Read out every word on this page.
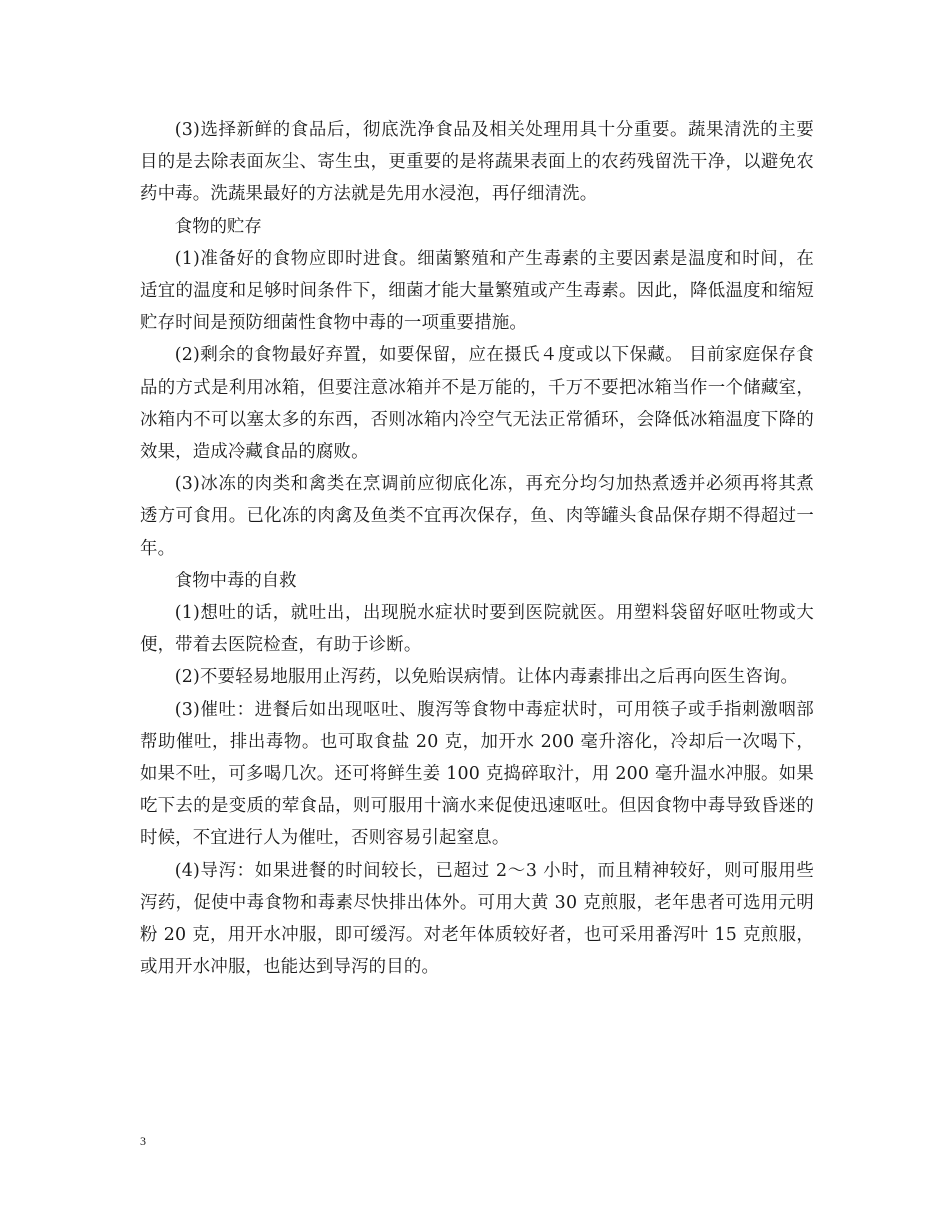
(3)选择新鲜的食品后，彻底洗净食品及相关处理用具十分重要。蔬果清洗的主要目的是去除表面灰尘、寄生虫，更重要的是将蔬果表面上的农药残留洗干净，以避免农药中毒。洗蔬果最好的方法就是先用水浸泡，再仔细清洗。

食物的贮存

(1)准备好的食物应即时进食。细菌繁殖和产生毒素的主要因素是温度和时间，在适宜的温度和足够时间条件下，细菌才能大量繁殖或产生毒素。因此，降低温度和缩短贮存时间是预防细菌性食物中毒的一项重要措施。

(2)剩余的食物最好弃置，如要保留，应在摄氏４度或以下保藏。 目前家庭保存食品的方式是利用冰箱，但要注意冰箱并不是万能的，千万不要把冰箱当作一个储藏室，冰箱内不可以塞太多的东西，否则冰箱内冷空气无法正常循环，会降低冰箱温度下降的效果，造成冷藏食品的腐败。

(3)冰冻的肉类和禽类在烹调前应彻底化冻，再充分均匀加热煮透并必须再将其煮透方可食用。已化冻的肉禽及鱼类不宜再次保存，鱼、肉等罐头食品保存期不得超过一年。

食物中毒的自救

(1)想吐的话，就吐出，出现脱水症状时要到医院就医。用塑料袋留好呕吐物或大便，带着去医院检查，有助于诊断。

(2)不要轻易地服用止泻药，以免贻误病情。让体内毒素排出之后再向医生咨询。

(3)催吐：进餐后如出现呕吐、腹泻等食物中毒症状时，可用筷子或手指刺激咽部帮助催吐，排出毒物。也可取食盐 20 克，加开水 200 毫升溶化，冷却后一次喝下，如果不吐，可多喝几次。还可将鲜生姜 100 克捣碎取汁，用 200 毫升温水冲服。如果吃下去的是变质的荤食品，则可服用十滴水来促使迅速呕吐。但因食物中毒导致昏迷的时候，不宜进行人为催吐，否则容易引起窒息。

(4)导泻：如果进餐的时间较长，已超过 2～3 小时，而且精神较好，则可服用些泻药，促使中毒食物和毒素尽快排出体外。可用大黄 30 克煎服，老年患者可选用元明粉 20 克，用开水冲服，即可缓泻。对老年体质较好者，也可采用番泻叶 15 克煎服，或用开水冲服，也能达到导泻的目的。

3
